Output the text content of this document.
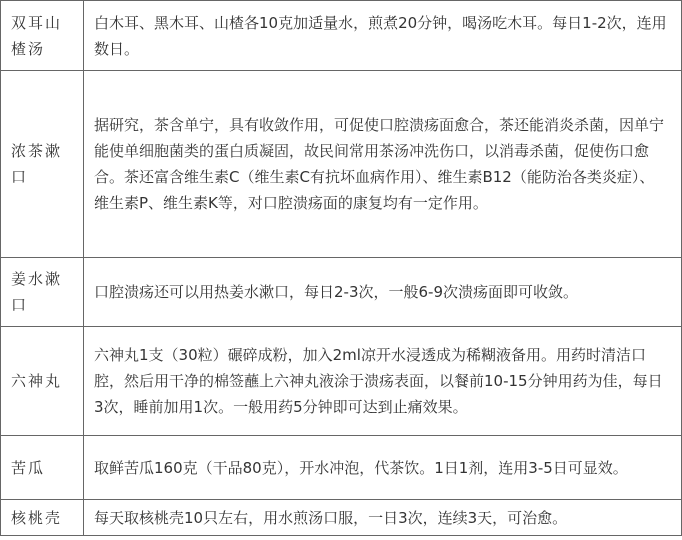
双耳山楂汤	白木耳、黑木耳、山楂各10克加适量水，煎煮20分钟，喝汤吃木耳。每日1-2次，连用数日。
浓茶漱口	据研究，茶含单宁，具有收敛作用，可促使口腔溃疡面愈合，茶还能消炎杀菌，因单宁能使单细胞菌类的蛋白质凝固，故民间常用茶汤冲洗伤口，以消毒杀菌，促使伤口愈合。茶还富含维生素C（维生素C有抗坏血病作用）、维生素B12（能防治各类炎症）、维生素P、维生素K等，对口腔溃疡面的康复均有一定作用。
姜水漱口	口腔溃疡还可以用热姜水漱口，每日2-3次，一般6-9次溃疡面即可收敛。
六神丸	六神丸1支（30粒）碾碎成粉，加入2ml凉开水浸透成为稀糊液备用。用药时清洁口腔，然后用干净的棉签蘸上六神丸液涂于溃疡表面，以餐前10-15分钟用药为佳，每日3次，睡前加用1次。一般用药5分钟即可达到止痛效果。
苦瓜	取鲜苦瓜160克（干品80克），开水冲泡，代茶饮。1日1剂，连用3-5日可显效。
核桃壳	每天取核桃壳10只左右，用水煎汤口服，一日3次，连续3天，可治愈。
